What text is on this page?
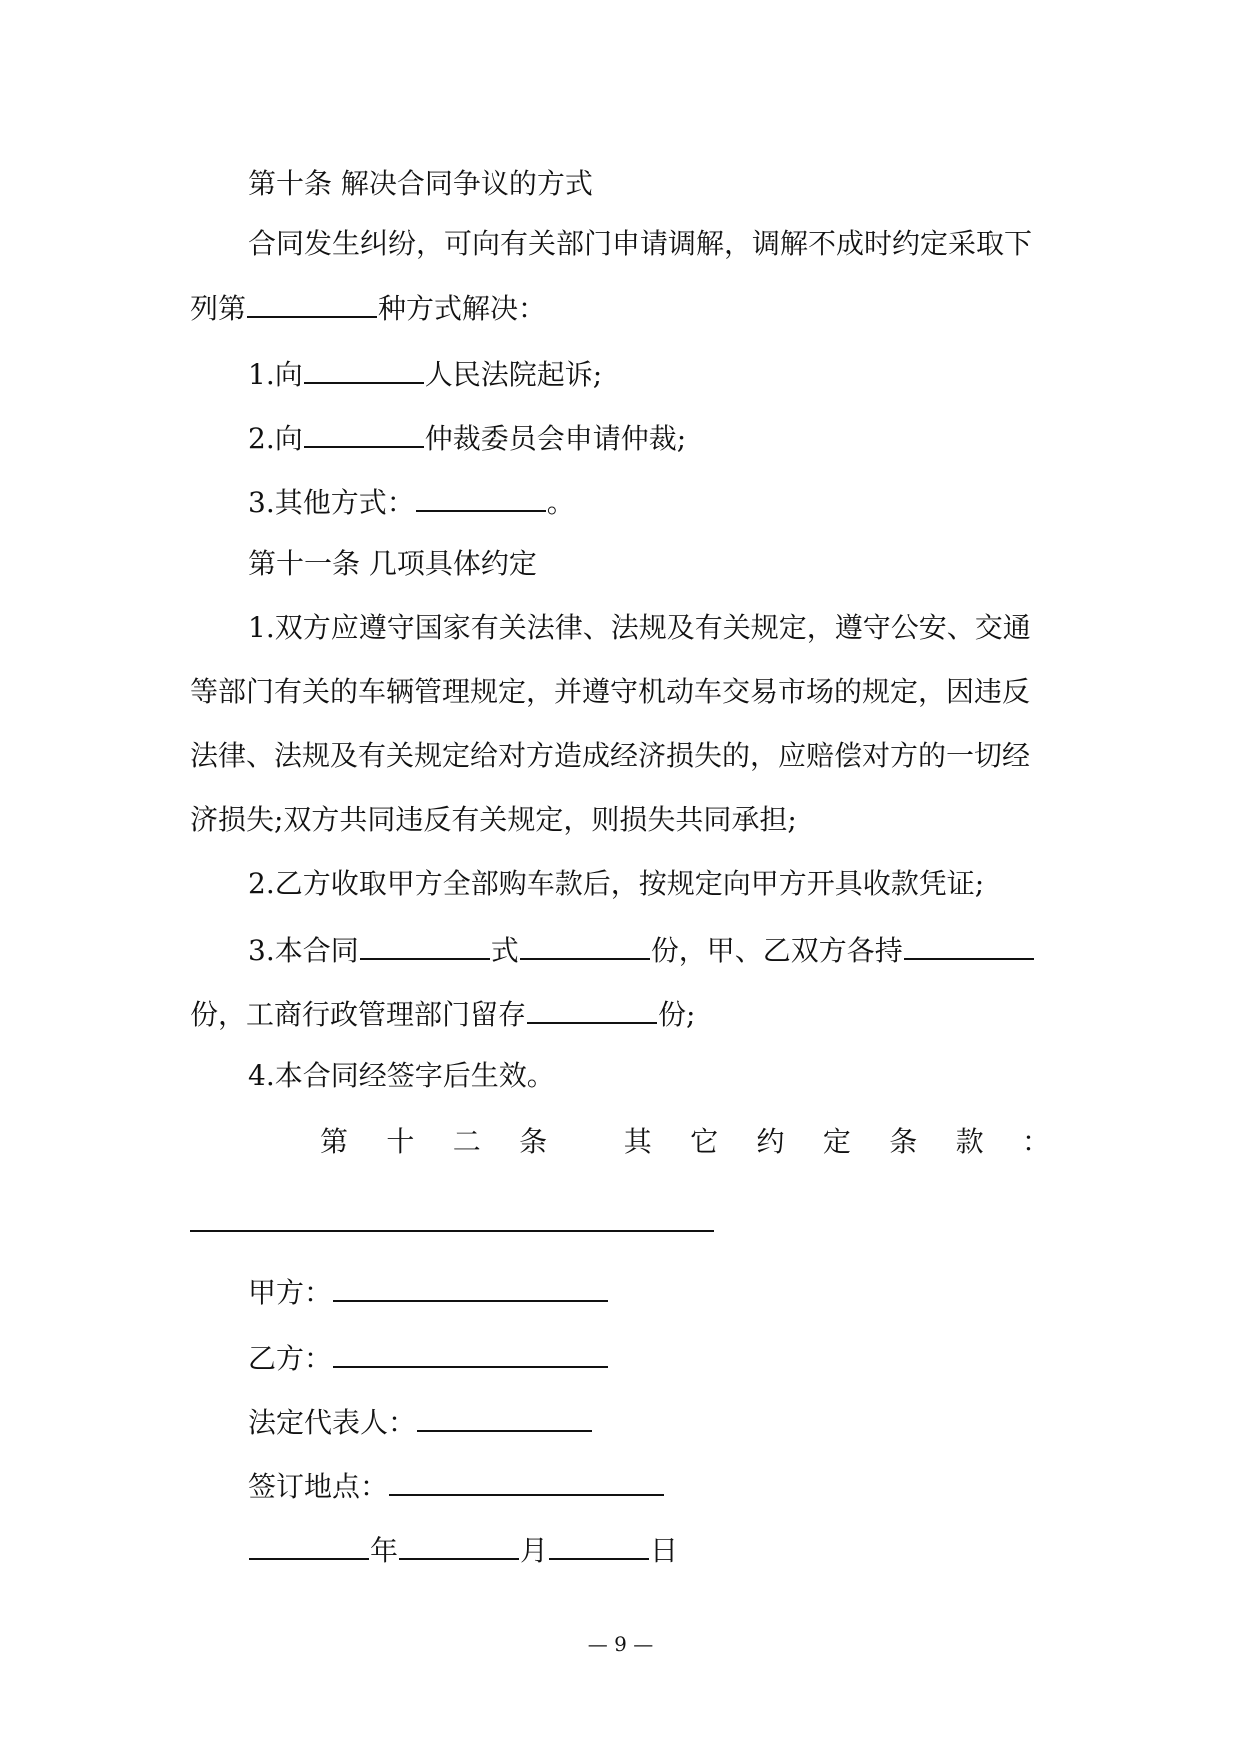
第十条 解决合同争议的方式
合同发生纠纷，可向有关部门申请调解，调解不成时约定采取下
列第	种方式解决：
1.向	人民法院起诉;
2.向	仲裁委员会申请仲裁;
3.其他方式：	。
第十一条 几项具体约定
1.双方应遵守国家有关法律、法规及有关规定，遵守公安、交通
等部门有关的车辆管理规定，并遵守机动车交易市场的规定，因违反
法律、法规及有关规定给对方造成经济损失的，应赔偿对方的一切经
济损失;双方共同违反有关规定，则损失共同承担;
2.乙方收取甲方全部购车款后，按规定向甲方开具收款凭证;
3.本合同	式	份，甲、乙双方各持
份，工商行政管理部门留存	份;
4.本合同经签字后生效。
第 十 二 条	其 它 约 定 条 款 ：
甲方：
乙方：
法定代表人：
签订地点：
年	月	日
— 9 —
